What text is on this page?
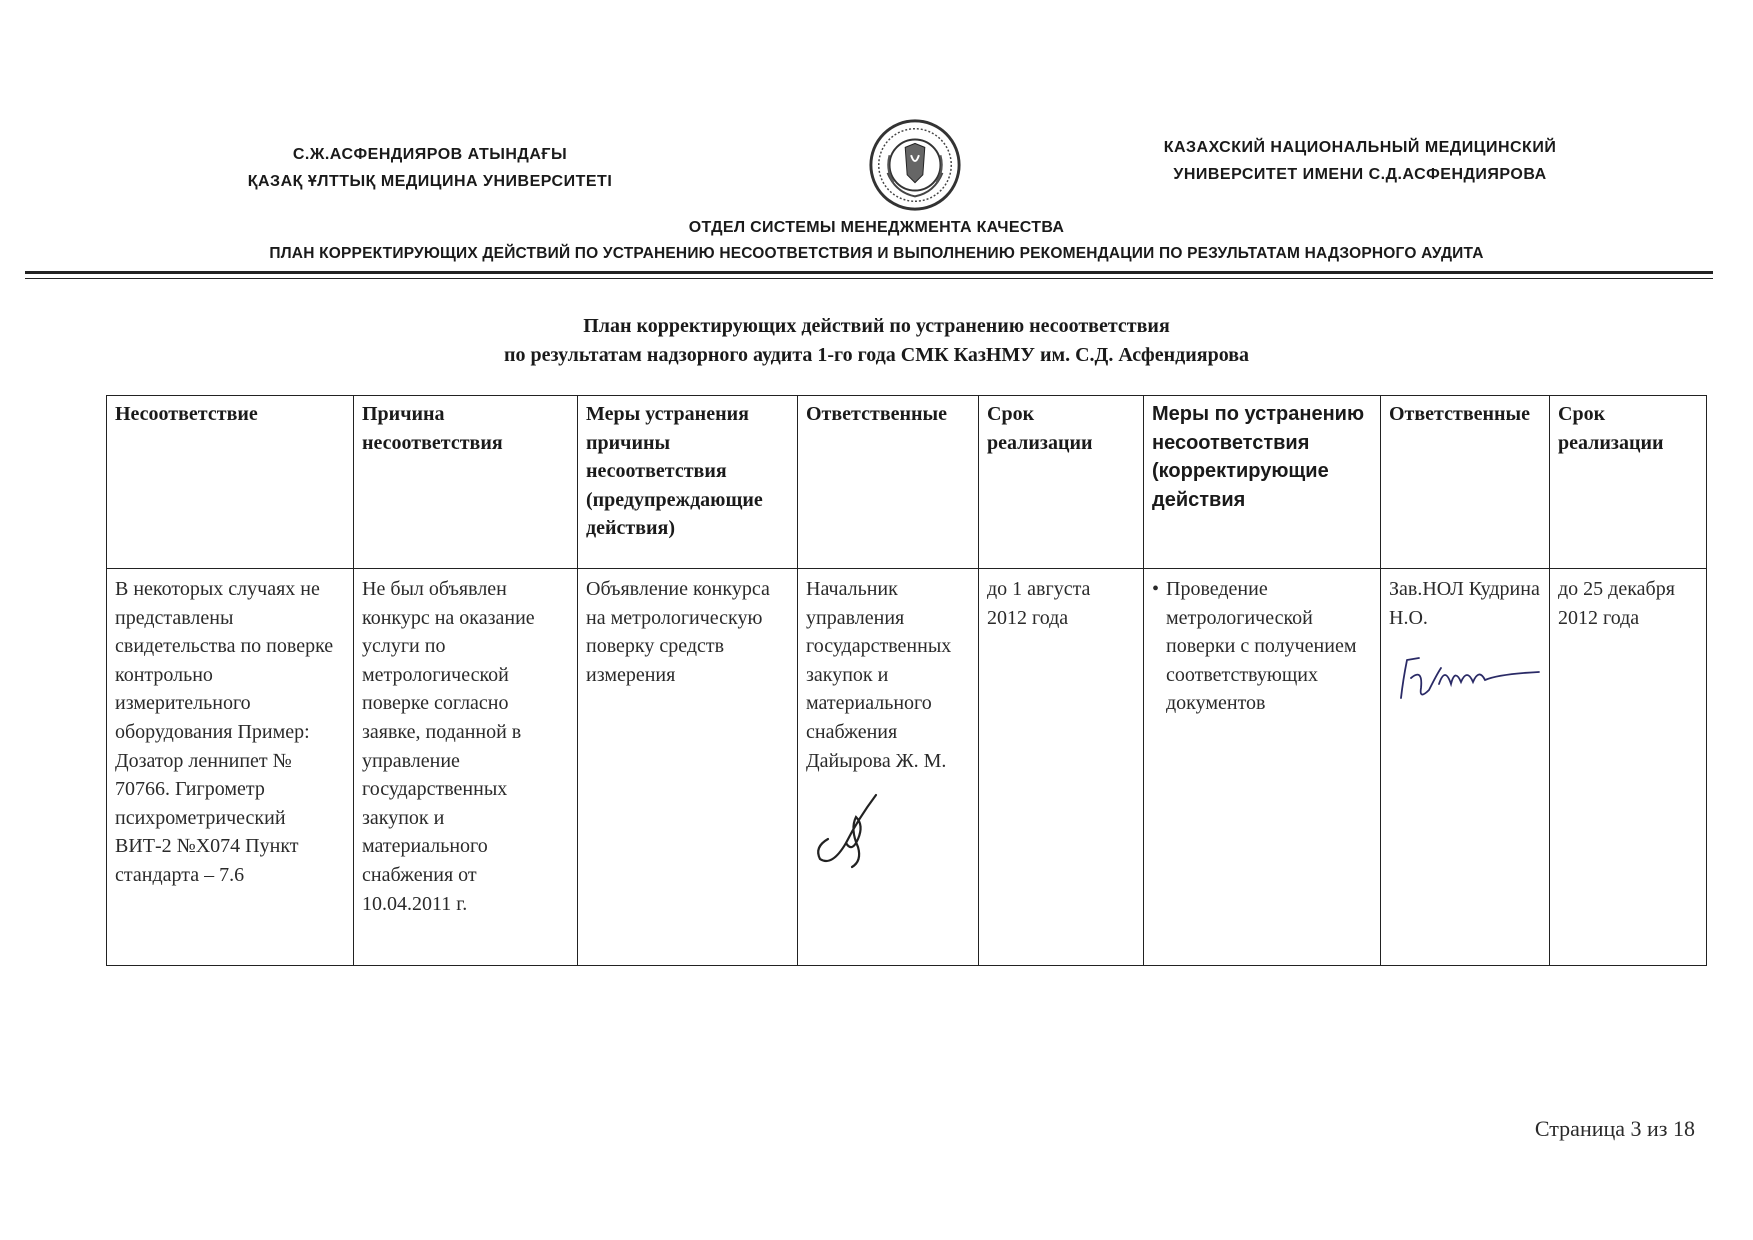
С.Ж.АСФЕНДИЯРОВ АТЫНДАҒЫ
ҚАЗАҚ ҰЛТТЫҚ МЕДИЦИНА УНИВЕРСИТЕТІ
КАЗАХСКИЙ НАЦИОНАЛЬНЫЙ МЕДИЦИНСКИЙ
УНИВЕРСИТЕТ ИМЕНИ С.Д.АСФЕНДИЯРОВА
ОТДЕЛ СИСТЕМЫ МЕНЕДЖМЕНТА КАЧЕСТВА
ПЛАН КОРРЕКТИРУЮЩИХ ДЕЙСТВИЙ ПО УСТРАНЕНИЮ НЕСООТВЕТСТВИЯ И ВЫПОЛНЕНИЮ РЕКОМЕНДАЦИИ ПО РЕЗУЛЬТАТАМ НАДЗОРНОГО АУДИТА
План корректирующих действий по устранению несоответствия
по результатам надзорного аудита 1-го года СМК КазНМУ им. С.Д. Асфендиярова
Несоответствие	Причина несоответствия	Меры устранения причины несоответствия (предупреждающие действия)	Ответственные	Срок реализации	Меры по устранению несоответствия (корректирующие действия	Ответственные	Срок реализации
В некоторых случаях не представлены свидетельства по поверке контрольно измерительного оборудования Пример: Дозатор леннипет № 70766. Гигрометр психрометрический ВИТ-2 №Х074 Пункт стандарта – 7.6	Не был объявлен конкурс на оказание услуги по метрологической поверке согласно заявке, поданной в управление государственных закупок и материального снабжения от 10.04.2011 г.	Объявление конкурса на метрологическую поверку средств измерения	Начальник управления государственных закупок и материального снабжения Дайырова Ж. М.	до 1 августа 2012 года	• Проведение метрологической поверки с получением соответствующих документов	Зав.НОЛ Кудрина Н.О.	до 25 декабря 2012 года
Страница 3 из 18
